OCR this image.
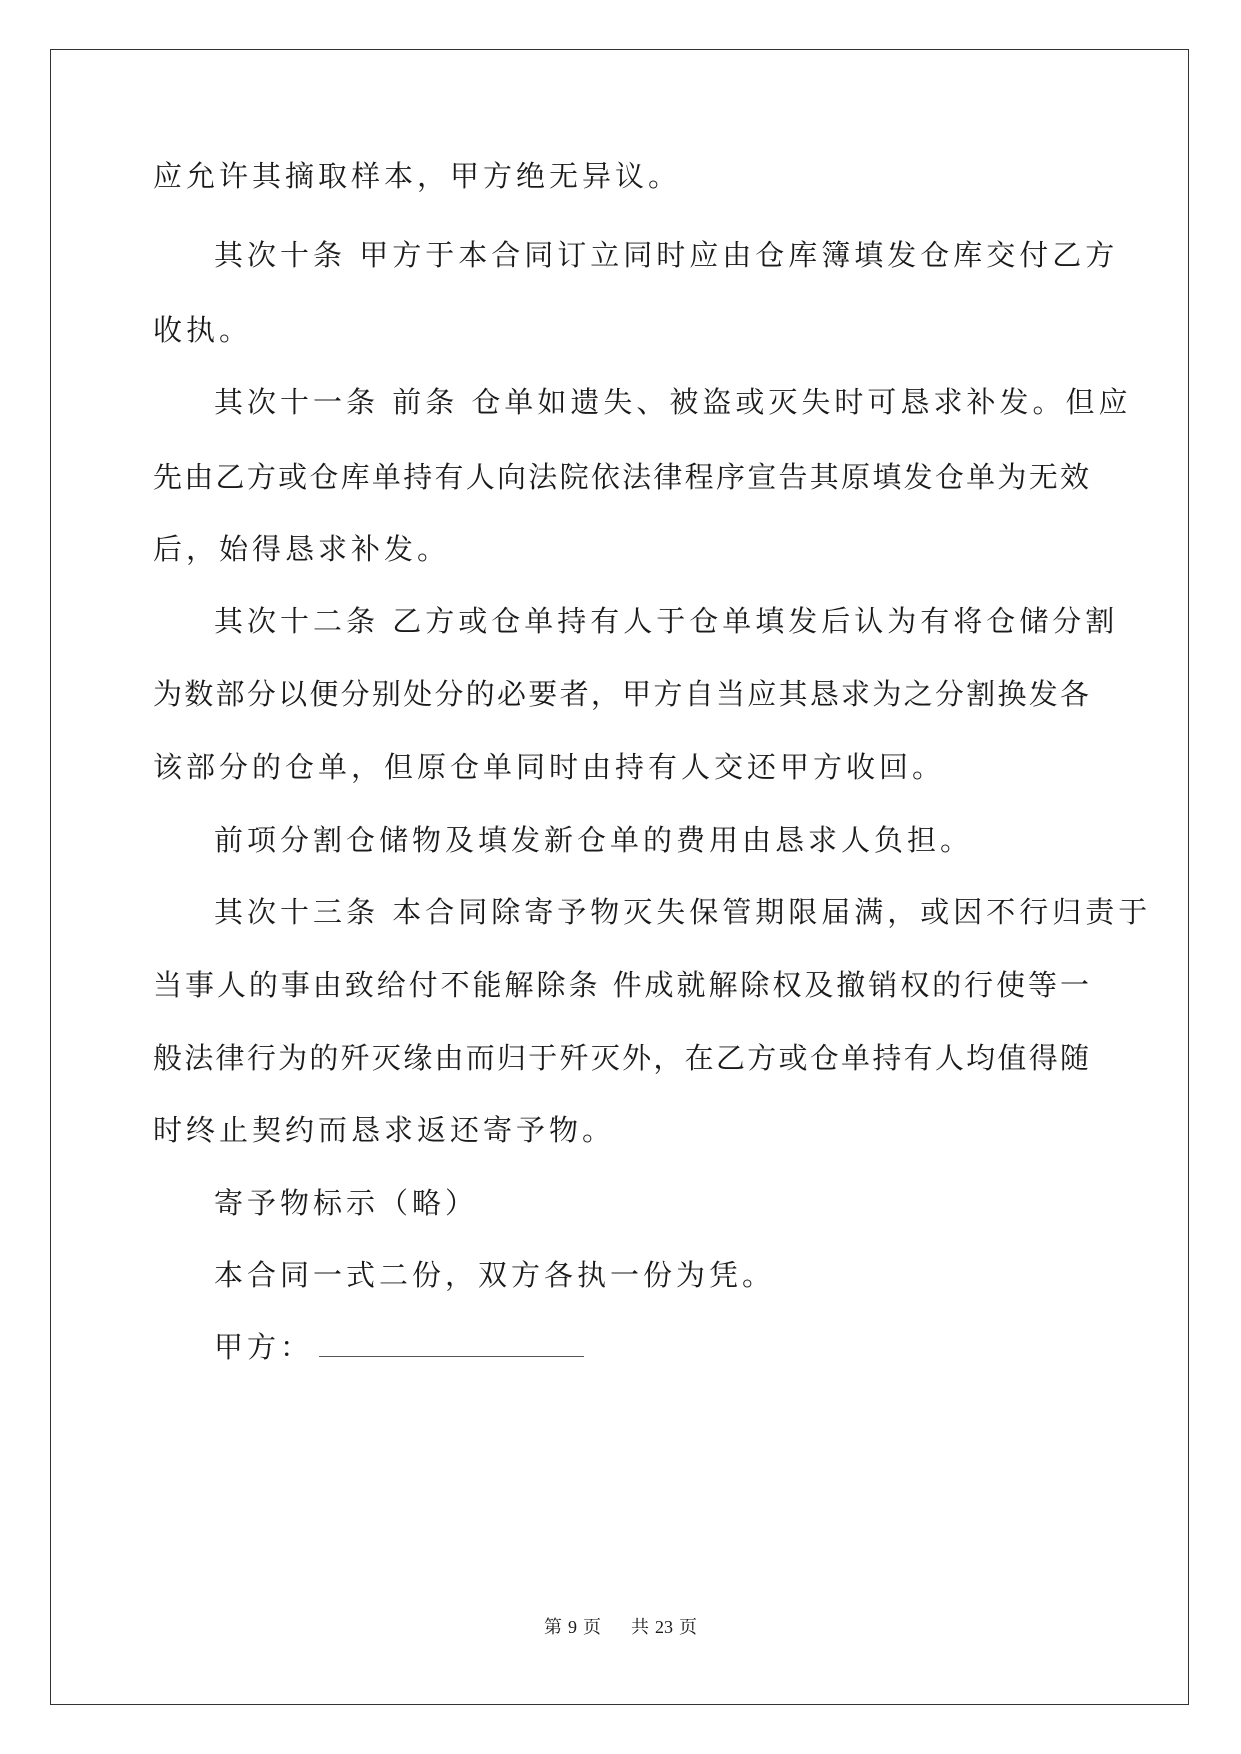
应允许其摘取样本，甲方绝无异议。
其次十条 甲方于本合同订立同时应由仓库簿填发仓库交付乙方
收执。
其次十一条 前条 仓单如遗失、被盗或灭失时可恳求补发。但应
先由乙方或仓库单持有人向法院依法律程序宣告其原填发仓单为无效
后，始得恳求补发。
其次十二条 乙方或仓单持有人于仓单填发后认为有将仓储分割
为数部分以便分别处分的必要者，甲方自当应其恳求为之分割换发各
该部分的仓单，但原仓单同时由持有人交还甲方收回。
前项分割仓储物及填发新仓单的费用由恳求人负担。
其次十三条 本合同除寄予物灭失保管期限届满，或因不行归责于
当事人的事由致给付不能解除条 件成就解除权及撤销权的行使等一
般法律行为的歼灭缘由而归于歼灭外，在乙方或仓单持有人均值得随
时终止契约而恳求返还寄予物。
寄予物标示（略）
本合同一式二份，双方各执一份为凭。
甲方：
第 9 页 共 23 页
